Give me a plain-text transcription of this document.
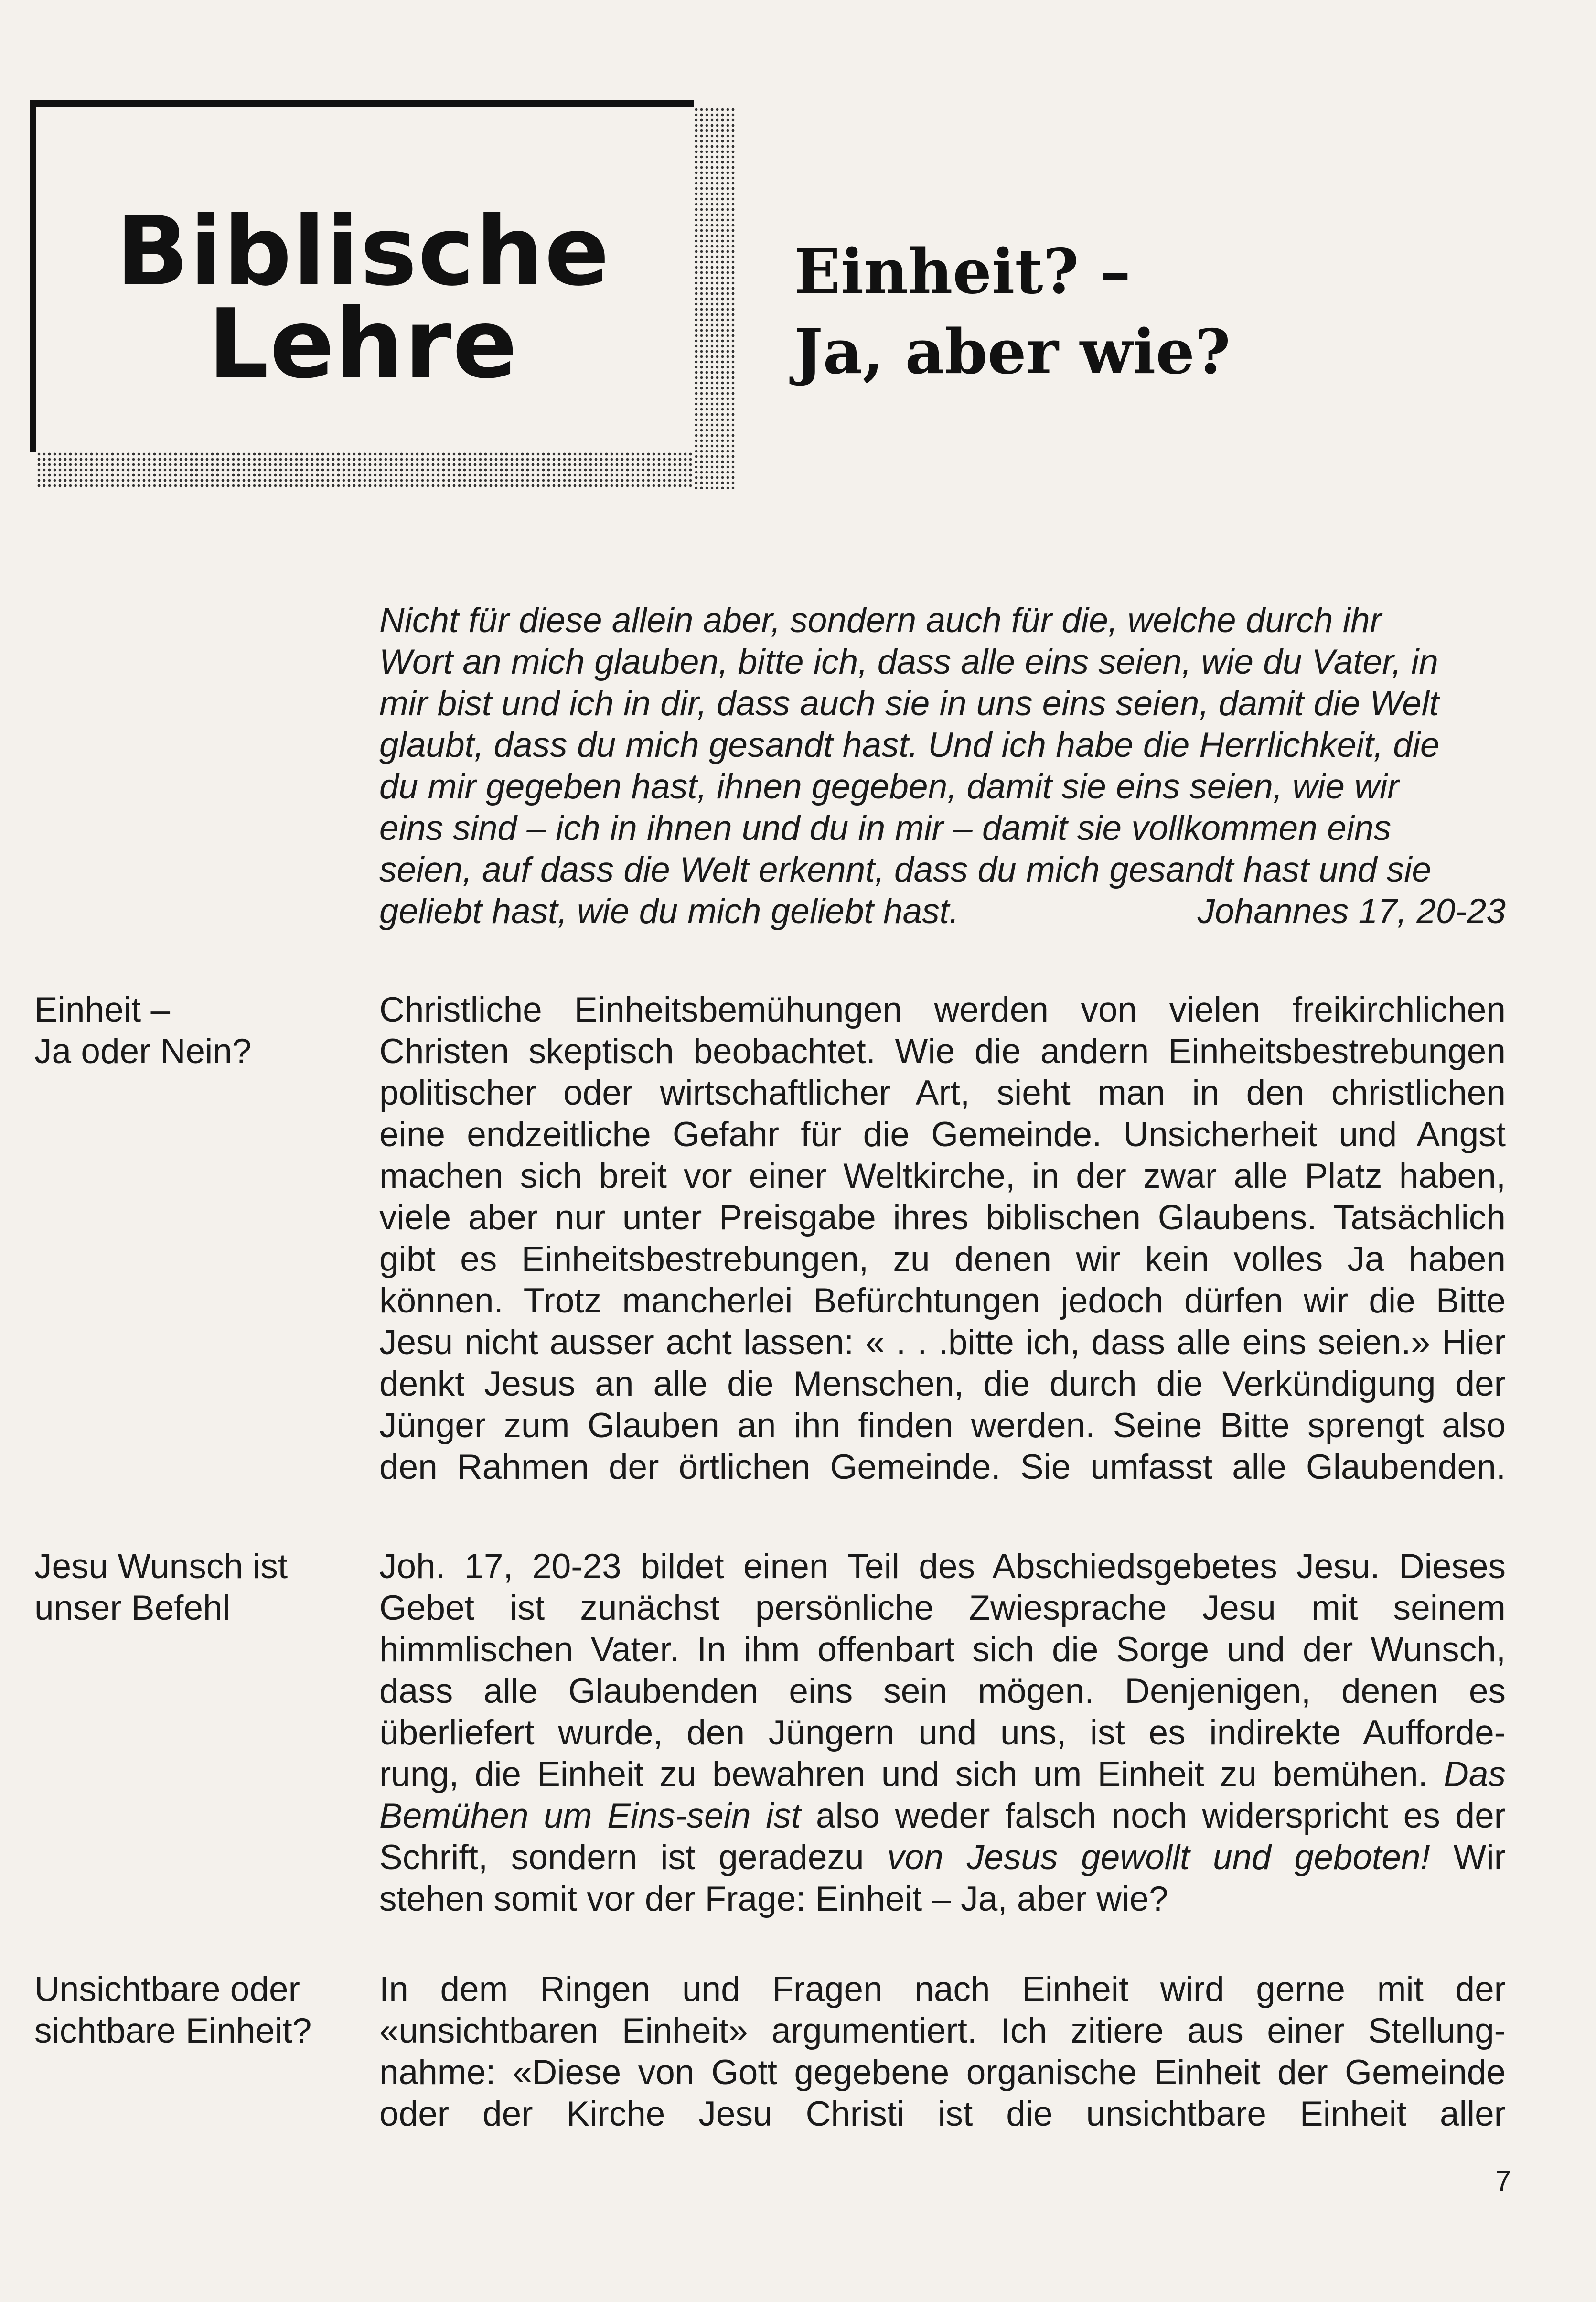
Biblische
Lehre
Einheit? –
Ja, aber wie?
Nicht für diese allein aber, sondern auch für die, welche durch ihr
Wort an mich glauben, bitte ich, dass alle eins seien, wie du Vater, in
mir bist und ich in dir, dass auch sie in uns eins seien, damit die Welt
glaubt, dass du mich gesandt hast. Und ich habe die Herrlichkeit, die
du mir gegeben hast, ihnen gegeben, damit sie eins seien, wie wir
eins sind – ich in ihnen und du in mir – damit sie vollkommen eins
seien, auf dass die Welt erkennt, dass du mich gesandt hast und sie
geliebt hast, wie du mich geliebt hast.	Johannes 17, 20-23
Einheit –
Ja oder Nein?
Christliche Einheitsbemühungen werden von vielen freikirchlichen
Christen skeptisch beobachtet. Wie die andern Einheitsbestrebungen
politischer oder wirtschaftlicher Art, sieht man in den christlichen
eine endzeitliche Gefahr für die Gemeinde. Unsicherheit und Angst
machen sich breit vor einer Weltkirche, in der zwar alle Platz haben,
viele aber nur unter Preisgabe ihres biblischen Glaubens. Tatsächlich
gibt es Einheitsbestrebungen, zu denen wir kein volles Ja haben
können. Trotz mancherlei Befürchtungen jedoch dürfen wir die Bitte
Jesu nicht ausser acht lassen: « . . .bitte ich, dass alle eins seien.» Hier
denkt Jesus an alle die Menschen, die durch die Verkündigung der
Jünger zum Glauben an ihn finden werden. Seine Bitte sprengt also
den Rahmen der örtlichen Gemeinde. Sie umfasst alle Glaubenden.
Jesu Wunsch ist
unser Befehl
Joh. 17, 20-23 bildet einen Teil des Abschiedsgebetes Jesu. Dieses
Gebet ist zunächst persönliche Zwiesprache Jesu mit seinem
himmlischen Vater. In ihm offenbart sich die Sorge und der Wunsch,
dass alle Glaubenden eins sein mögen. Denjenigen, denen es
überliefert wurde, den Jüngern und uns, ist es indirekte Aufforde-
rung, die Einheit zu bewahren und sich um Einheit zu bemühen. Das
Bemühen um Eins-sein ist also weder falsch noch widerspricht es der
Schrift, sondern ist geradezu von Jesus gewollt und geboten! Wir
stehen somit vor der Frage: Einheit – Ja, aber wie?
Unsichtbare oder
sichtbare Einheit?
In dem Ringen und Fragen nach Einheit wird gerne mit der
«unsichtbaren Einheit» argumentiert. Ich zitiere aus einer Stellung-
nahme: «Diese von Gott gegebene organische Einheit der Gemeinde
oder der Kirche Jesu Christi ist die unsichtbare Einheit aller
7
